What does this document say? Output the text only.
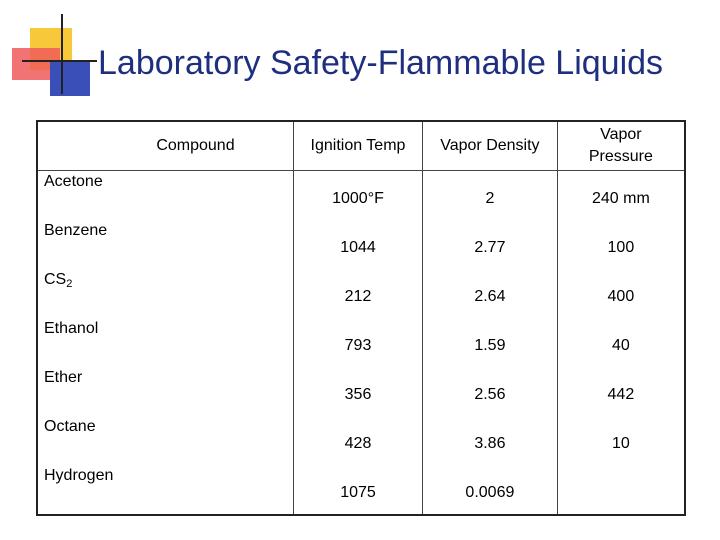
Laboratory Safety-Flammable Liquids
Compound	Ignition Temp	Vapor Density	Vapor Pressure
Acetone	1000°F	2	240 mm
Benzene	1044	2.77	100
$CS_2$	212	2.64	400
Ethanol	793	1.59	40
Ether	356	2.56	442
Octane	428	3.86	10
Hydrogen	1075	0.0069	
